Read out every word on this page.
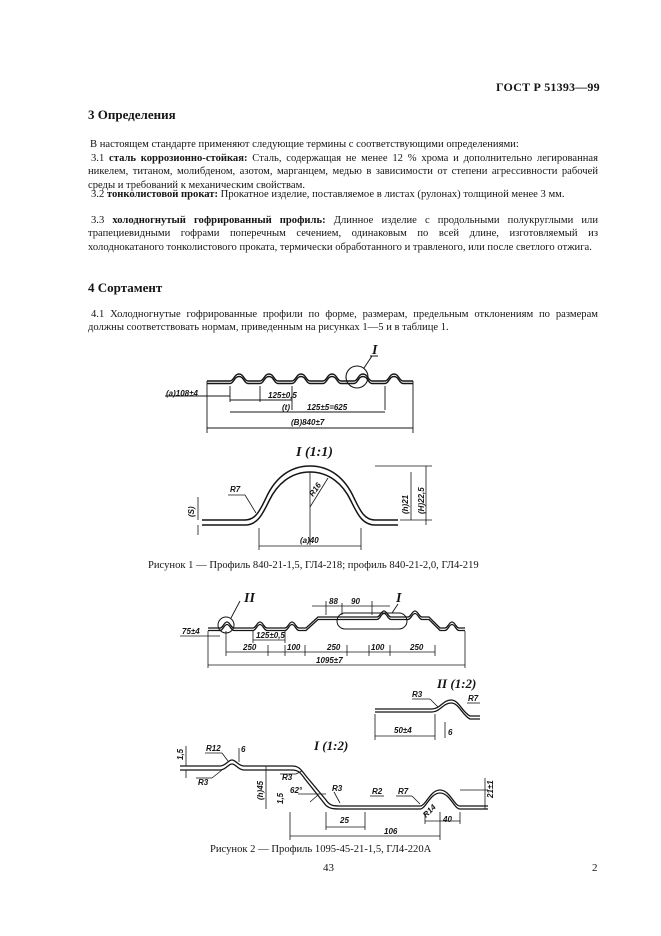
ГОСТ Р 51393—99
3 Определения
В настоящем стандарте применяют следующие термины с соответствующими определениями:
3.1 сталь коррозионно-стойкая: Сталь, содержащая не менее 12 % хрома и дополнительно легированная никелем, титаном, молибденом, азотом, марганцем, медью в зависимости от степени агрессивности рабочей среды и требований к механическим свойствам.
3.2 тонколистовой прокат: Прокатное изделие, поставляемое в листах (рулонах) толщиной менее 3 мм.
3.3 холодногнутый гофрированный профиль: Длинное изделие с продольными полукруглыми или трапециевидными гофрами поперечным сечением, одинаковым по всей длине, изготовляемый из холоднокатаного тонколистового проката, термически обработанного и травленого, или после светлого отжига.
4 Сортамент
4.1 Холодногнутые гофрированные профили по форме, размерам, предельным отклонениям по размерам должны соответствовать нормам, приведенным на рисунках 1—5 и в таблице 1.
(a)108±4	125±0,5
(t) 125±5=625
(B)840±7
I
I (1:1)
R7	R16
(S)	(h)21 (H)22,5
(a)40
Рисунок 1 — Профиль 840-21-1,5, ГЛ4-218; профиль 840-21-2,0, ГЛ4-219
II	I
88 90
75±4	125±0,5
250	100	250	100	250
1095±7
II (1:2)
R3	R7
50±4	6
I (1:2)
1,5
R12	6
R3	(h)45
R3
1,5
62°	R3	R2 R7	21±1
25
R14
40
106
Рисунок 2 — Профиль 1095-45-21-1,5, ГЛ4-220А
43	2
